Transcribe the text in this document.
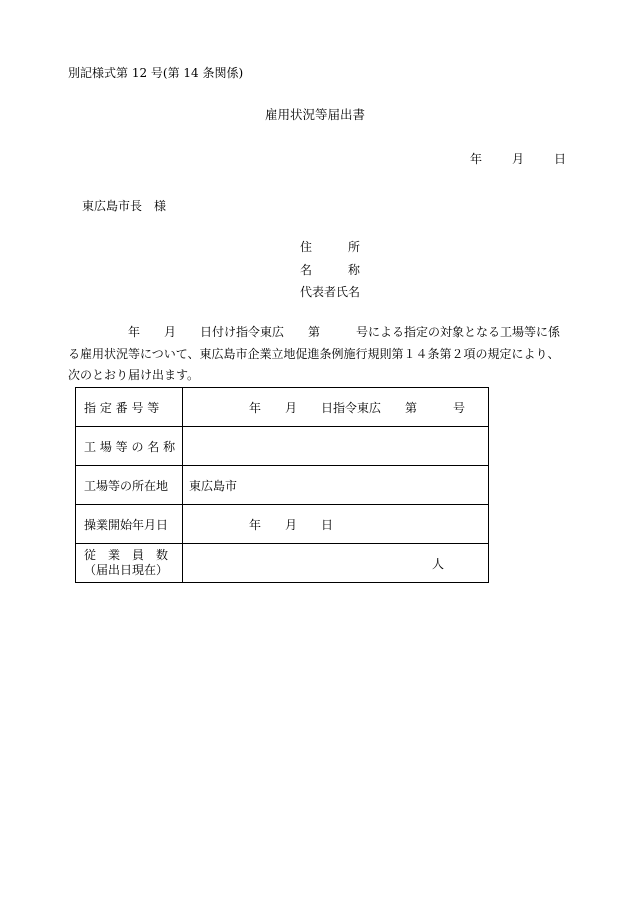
別記様式第 12 号(第 14 条関係)
雇用状況等届出書
年	月	日
東広島市長　様
住　　　所
名　　　称
代表者氏名

　　　　　年　　月　　日付け指令東広　　第　　　号による指定の対象となる工場等に係

る雇用状況等について、東広島市企業立地促進条例施行規則第１４条第２項の規定により、

次のとおり届け出ます。

指 定 番 号 等	　　　　　年　　月　　日指令東広　　第　　　号
工 場 等 の 名 称	
工場等の所在地	東広島市
操業開始年月日	　　　　　年　　月　　日

従　業　員　数
（届出日現在）	人
